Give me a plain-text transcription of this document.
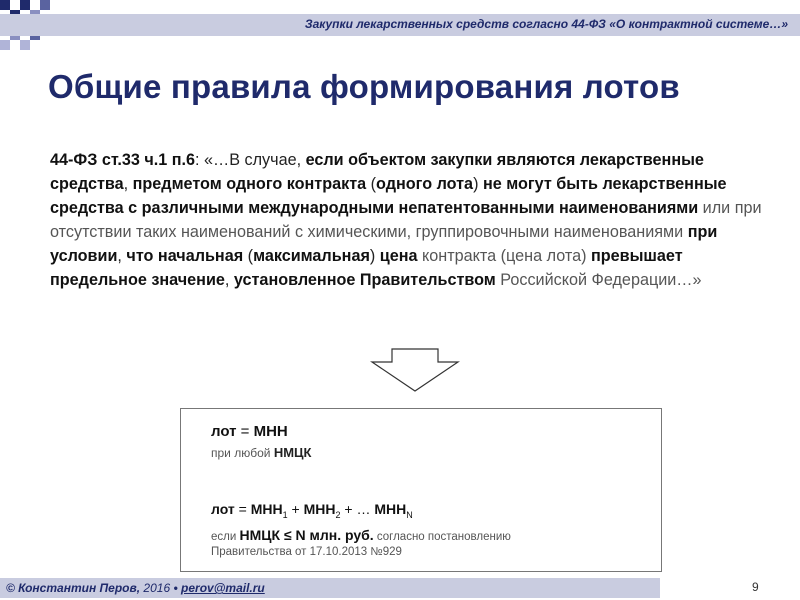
Закупки лекарственных средств согласно 44-ФЗ «О контрактной системе…»
Общие правила формирования лотов
44-ФЗ ст.33 ч.1 п.6: «…В случае, если объектом закупки являются лекарственные средства, предметом одного контракта (одного лота) не могут быть лекарственные средства с различными международными непатентованными наименованиями или при отсутствии таких наименований с химическими, группировочными наименованиями при условии, что начальная (максимальная) цена контракта (цена лота) превышает предельное значение, установленное Правительством Российской Федерации…»
лот = МНН
при любой НМЦК
лот = $МНН_1 + МНН_2$ + … $МНН_N$
если НМЦК ≤ N млн. руб. согласно постановлению
Правительства от 17.10.2013 №929
© Константин Перов, 2016 • perov@mail.ru	9
